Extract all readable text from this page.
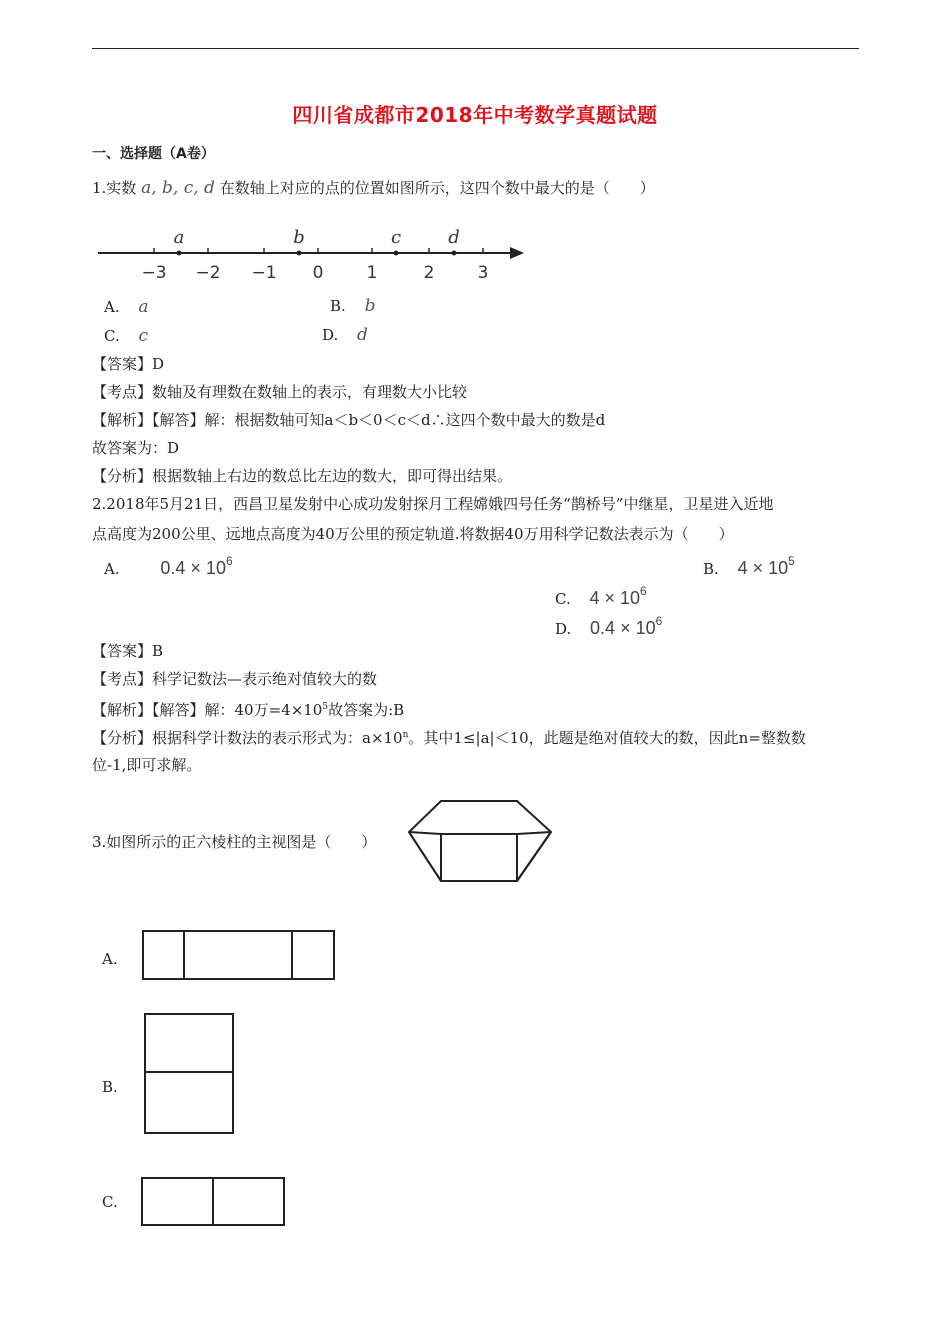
四川省成都市2018年中考数学真题试题
一、选择题（A卷）
1.实数 a, b, c, d 在数轴上对应的点的位置如图所示，这四个数中最大的是（　　）
−3 −2 −1 0	1	2	3
a	b	c	d
A. a	B. b
C. c	D. d
【答案】D
【考点】数轴及有理数在数轴上的表示，有理数大小比较
【解析】【解答】解：根据数轴可知a＜b＜0＜c＜d∴这四个数中最大的数是d
故答案为：D
【分析】根据数轴上右边的数总比左边的数大，即可得出结果。
2.2018年5月21日，西昌卫星发射中心成功发射探月工程嫦娥四号任务“鹊桥号”中继星，卫星进入近地
点高度为200公里、远地点高度为40万公里的预定轨道.将数据40万用科学记数法表示为（　　）
A. $0.4 \times 10^6$	B. $4 \times 10^5$
C. $4 \times 10^6$
D. $0.4 \times 10^6$
【答案】B
【考点】科学记数法—表示绝对值较大的数
【解析】【解答】解：40万$=4\times 10^5$故答案为:B
【分析】根据科学计数法的表示形式为：$a\times 10^n$。其中1≤|a|＜10，此题是绝对值较大的数，因此n=整数数
位-1,即可求解。
3.如图所示的正六棱柱的主视图是（　　）
A.
B.
C.
